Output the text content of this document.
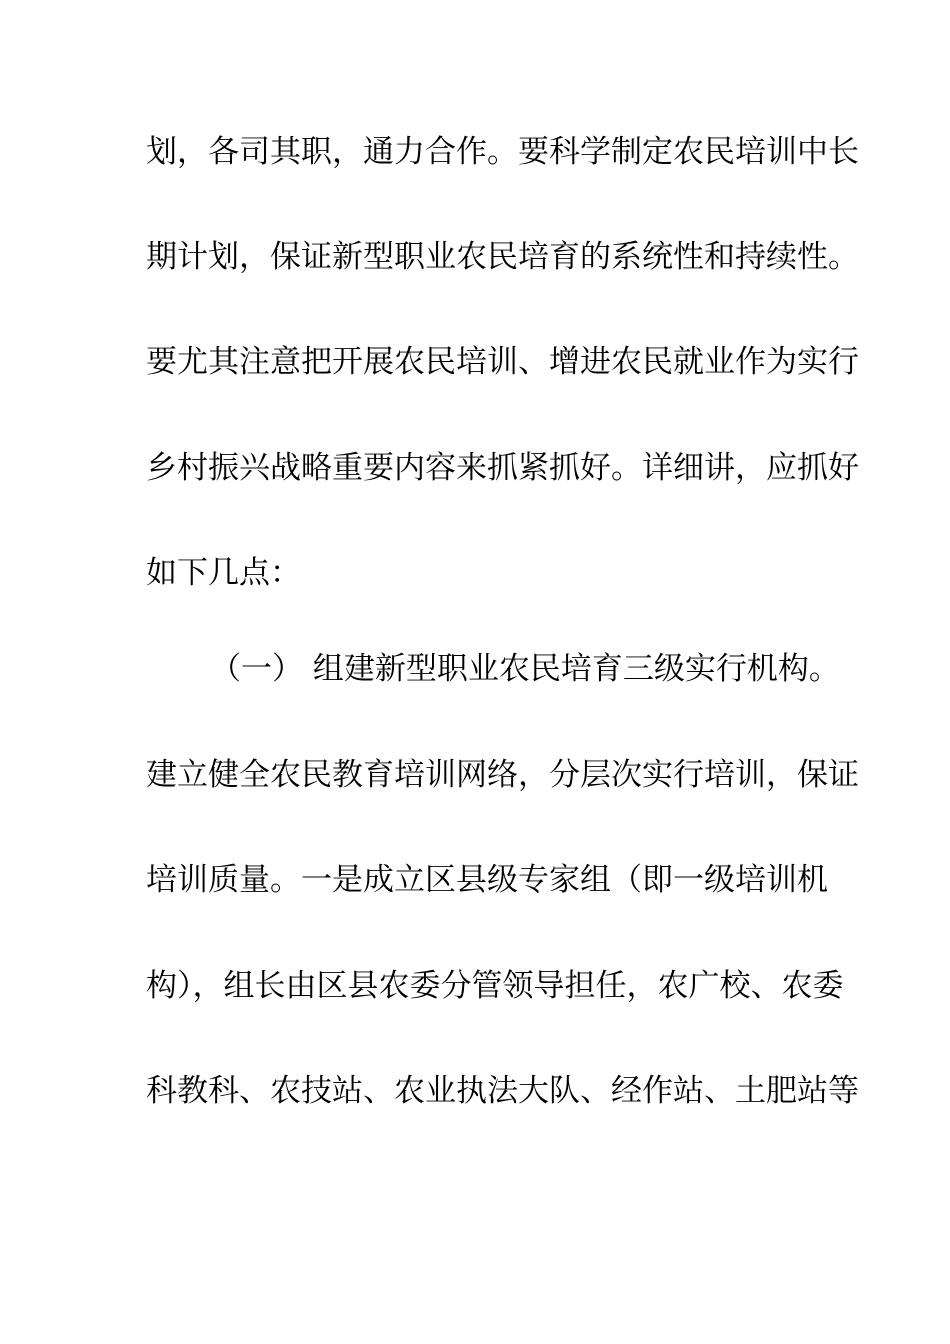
划，各司其职，通力合作。要科学制定农民培训中长
期计划，保证新型职业农民培育的系统性和持续性。
要尤其注意把开展农民培训、增进农民就业作为实行
乡村振兴战略重要内容来抓紧抓好。详细讲，应抓好
如下几点：
（一） 组建新型职业农民培育三级实行机构。
建立健全农民教育培训网络，分层次实行培训，保证
培训质量。一是成立区县级专家组（即一级培训机
构），组长由区县农委分管领导担任，农广校、农委
科教科、农技站、农业执法大队、经作站、土肥站等
